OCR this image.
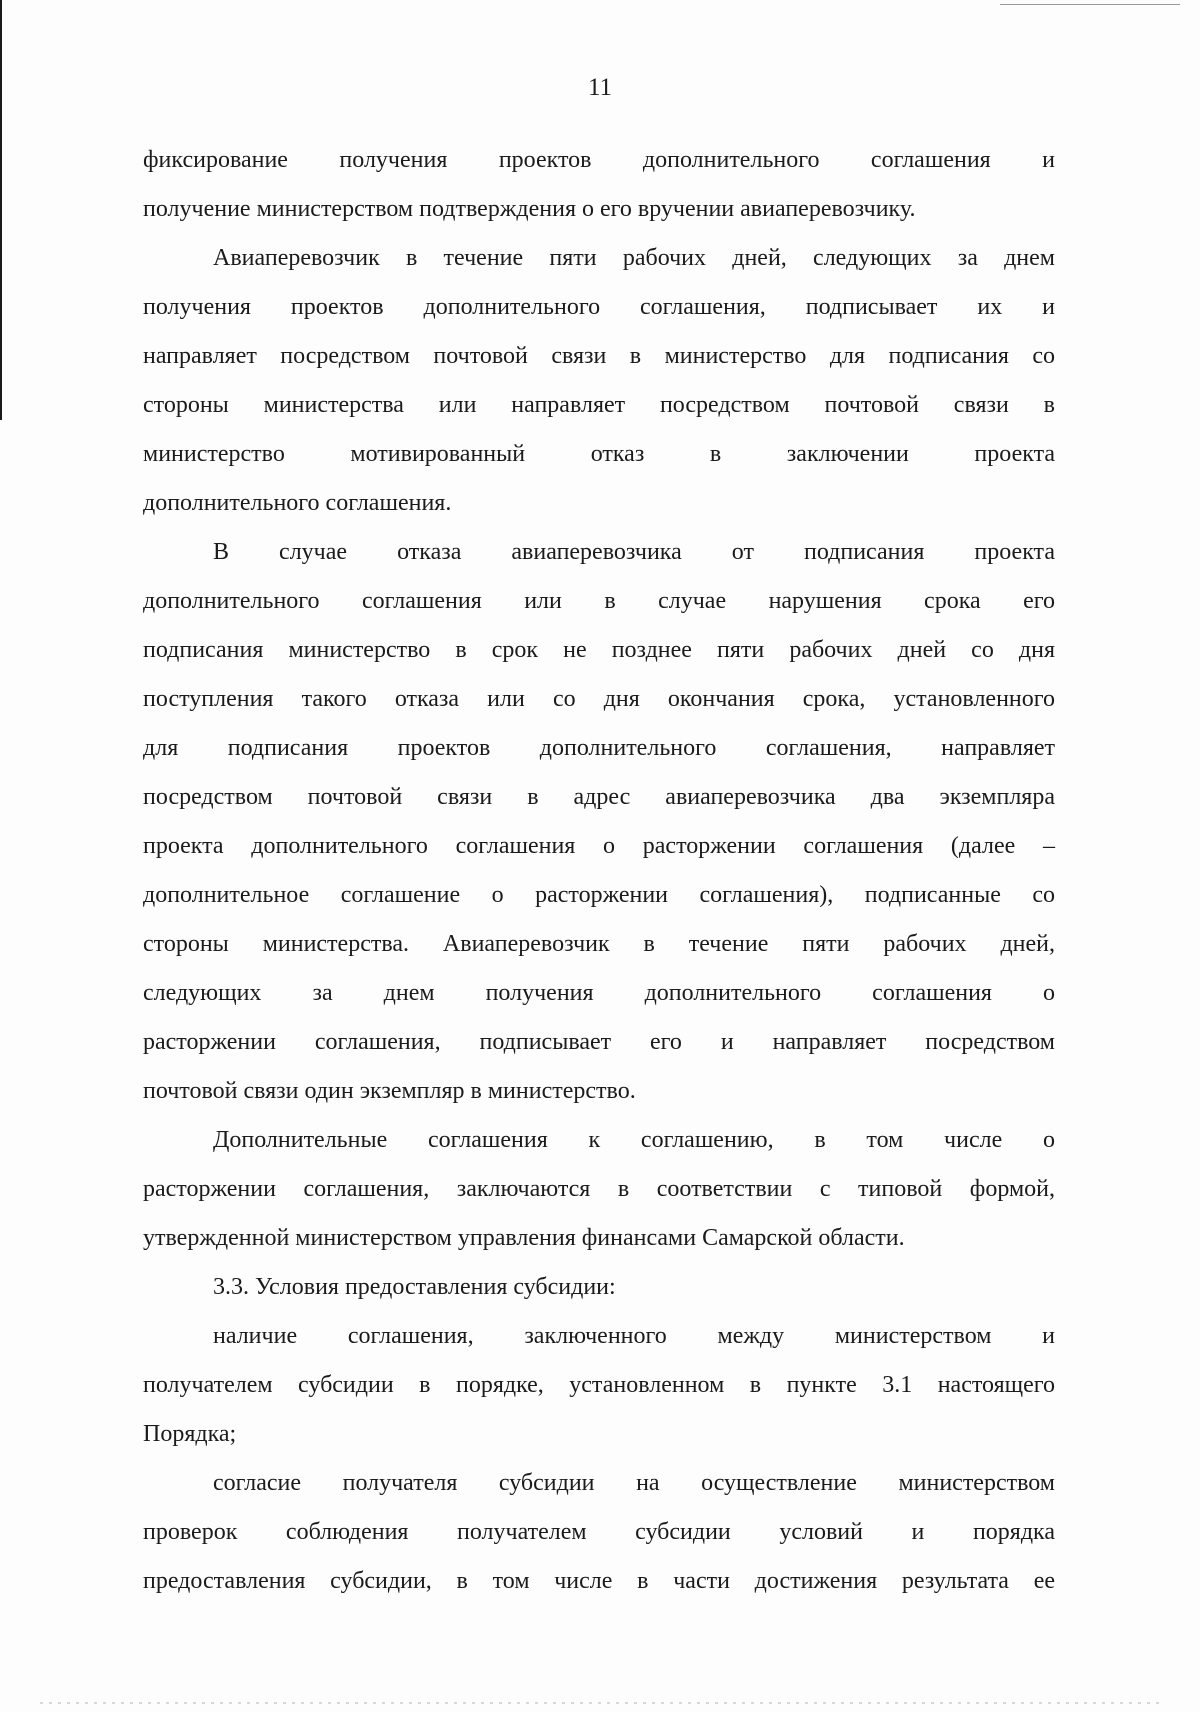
11
фиксирование получения проектов дополнительного соглашения и
получение министерством подтверждения о его вручении авиаперевозчику.
Авиаперевозчик в течение пяти рабочих дней, следующих за днем
получения проектов дополнительного соглашения, подписывает их и
направляет посредством почтовой связи в министерство для подписания со
стороны министерства или направляет посредством почтовой связи в
министерство мотивированный отказ в заключении проекта
дополнительного соглашения.
В случае отказа авиаперевозчика от подписания проекта
дополнительного соглашения или в случае нарушения срока его
подписания министерство в срок не позднее пяти рабочих дней со дня
поступления такого отказа или со дня окончания срока, установленного
для подписания проектов дополнительного соглашения, направляет
посредством почтовой связи в адрес авиаперевозчика два экземпляра
проекта дополнительного соглашения о расторжении соглашения (далее –
дополнительное соглашение о расторжении соглашения), подписанные со
стороны министерства. Авиаперевозчик в течение пяти рабочих дней,
следующих за днем получения дополнительного соглашения о
расторжении соглашения, подписывает его и направляет посредством
почтовой связи один экземпляр в министерство.
Дополнительные соглашения к соглашению, в том числе о
расторжении соглашения, заключаются в соответствии с типовой формой,
утвержденной министерством управления финансами Самарской области.
3.3. Условия предоставления субсидии:
наличие соглашения, заключенного между министерством и
получателем субсидии в порядке, установленном в пункте 3.1 настоящего
Порядка;
согласие получателя субсидии на осуществление министерством
проверок соблюдения получателем субсидии условий и порядка
предоставления субсидии, в том числе в части достижения результата ее
